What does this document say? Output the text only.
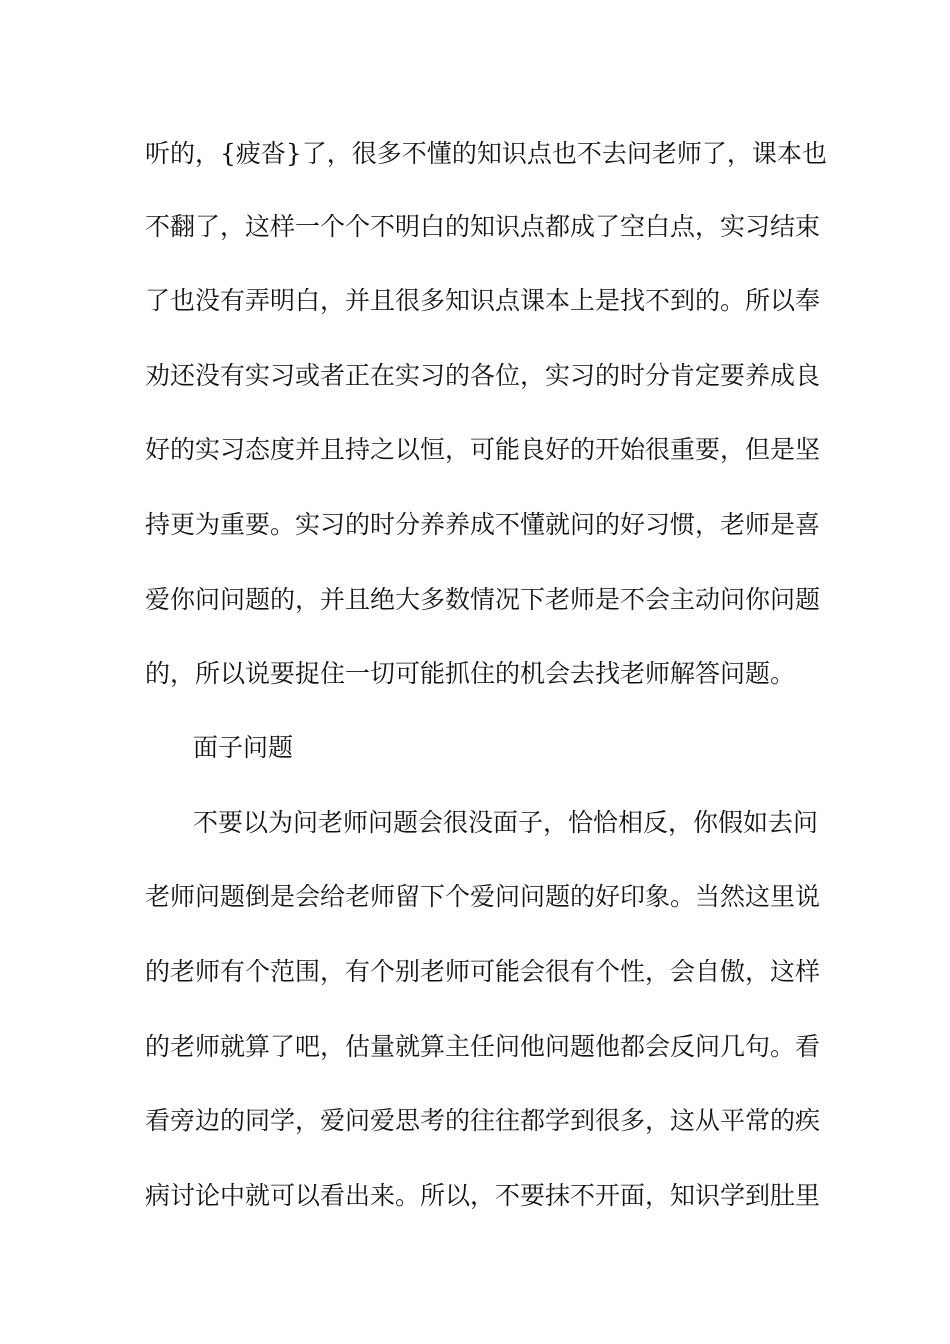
听的，{疲沓}了，很多不懂的知识点也不去问老师了，课本也
不翻了，这样一个个不明白的知识点都成了空白点，实习结束
了也没有弄明白，并且很多知识点课本上是找不到的。所以奉
劝还没有实习或者正在实习的各位，实习的时分肯定要养成良
好的实习态度并且持之以恒，可能良好的开始很重要，但是坚
持更为重要。实习的时分养养成不懂就问的好习惯，老师是喜
爱你问问题的，并且绝大多数情况下老师是不会主动问你问题
的，所以说要捉住一切可能抓住的机会去找老师解答问题。
面子问题
不要以为问老师问题会很没面子，恰恰相反，你假如去问
老师问题倒是会给老师留下个爱问问题的好印象。当然这里说
的老师有个范围，有个别老师可能会很有个性，会自傲，这样
的老师就算了吧，估量就算主任问他问题他都会反问几句。看
看旁边的同学，爱问爱思考的往往都学到很多，这从平常的疾
病讨论中就可以看出来。所以，不要抹不开面，知识学到肚里
